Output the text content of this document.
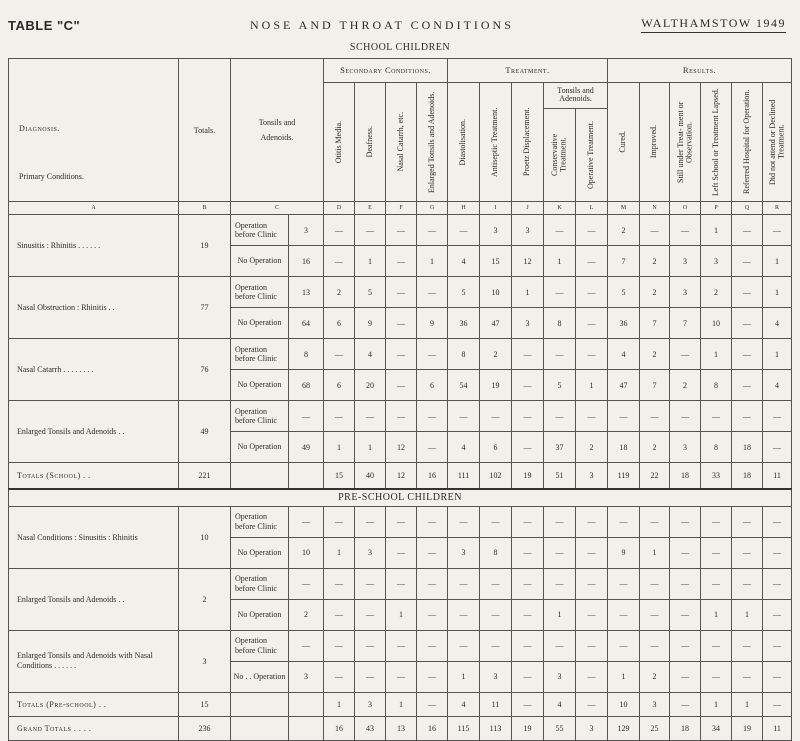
TABLE "C"	NOSE AND THROAT CONDITIONS	WALTHAMSTOW 1949
SCHOOL CHILDREN
Diagnosis.
Primary Conditions.	Totals.	Tonsils and Adenoids.		Secondary Conditions.				Treatment.					Results.					

				Otitis Media.	Deafness.	Nasal Catarrh, etc.	Enlarged Tonsils and Adenoids.	Diastolisation.	Antiseptic Treatment.	Proetz Displacement.	Tonsils and Adenoids.		Cured.	Improved.	Still under Treat- ment or Observation.	Left School or Treatment Lapsed.	Referred Hospital for Operation.	Did not attend or Declined Treatment.

											Conservative Treatment.	Operative Treatment.						

A	B	C		D	E	F	G	H	I	J	K	L	M	N	O	P	Q	R
Sinusitis : Rhinitis . . . . . .	19	Operation before Clinic	3	—	—	—	—	—	3	3	—	—	2	—	—	1	—	—
		No Operation	16	—	1	—	1	4	15	12	1	—	7	2	3	3	—	1
Nasal Obstruction : Rhinitis . .	77	Operation before Clinic	13	2	5	—	—	5	10	1	—	—	5	2	3	2	—	1
		No Operation	64	6	9	—	9	36	47	3	8	—	36	7	7	10	—	4
Nasal Catarrh . . . . . . . .	76	Operation before Clinic	8	—	4	—	—	8	2	—	—	—	4	2	—	1	—	1
		No Operation	68	6	20	—	6	54	19	—	5	1	47	7	2	8	—	4
Enlarged Tonsils and Adenoids . .	49	Operation before Clinic	—	—	—	—	—	—	—	—	—	—	—	—	—	—	—	—
		No Operation	49	1	1	12	—	4	6	—	37	2	18	2	3	8	18	—
Totals (School) . .	221			15	40	12	16	111	102	19	51	3	119	22	18	33	18	11
PRE-SCHOOL CHILDREN																		
Nasal Conditions : Sinusitis : Rhinitis	10	Operation before Clinic	—	—	—	—	—	—	—	—	—	—	—	—	—	—	—	—
		No Operation	10	1	3	—	—	3	8	—	—	—	9	1	—	—	—	—
Enlarged Tonsils and Adenoids . .	2	Operation before Clinic	—	—	—	—	—	—	—	—	—	—	—	—	—	—	—	—
		No Operation	2	—	—	1	—	—	—	—	1	—	—	—	—	1	1	—
Enlarged Tonsils and Adenoids with Nasal Conditions . . . . . .	3	Operation before Clinic	—	—	—	—	—	—	—	—	—	—	—	—	—	—	—	—
		No . . Operation	3	—	—	—	—	1	3	—	3	—	1	2	—	—	—	—
Totals (Pre-school) . .	15			1	3	1	—	4	11	—	4	—	10	3	—	1	1	—
Grand Totals . . . .	236			16	43	13	16	115	113	19	55	3	129	25	18	34	19	11
